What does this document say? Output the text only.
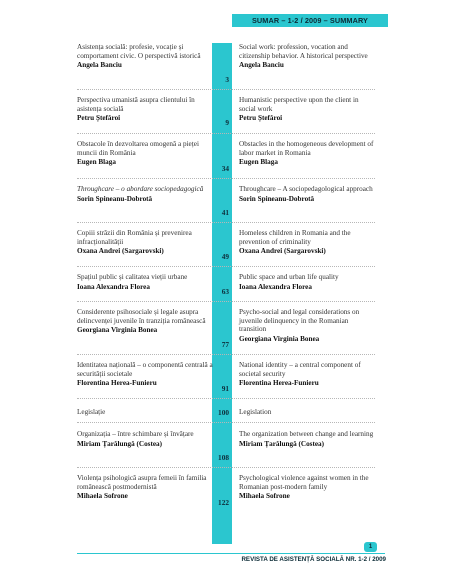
SUMAR – 1-2 / 2009 – SUMMARY
Asistența socială: profesie, vocație și comportament civic. O perspectivă istorică
Angela Banciu
Social work: profession, vocation and citizenship behavior. A historical perspective
Angela Banciu
3
Perspectiva umanistă asupra clientului în asistența socială
Petru Ștefăroi
Humanistic perspective upon the client in social work
Petru Ștefăroi
9
Obstacole în dezvoltarea omogenă a pieței muncii din România
Eugen Blaga
Obstacles in the homogeneous development of labor market in Romania
Eugen Blaga
34
Throughcare – o abordare sociopedagogică
Sorin Spineanu-Dobrotă
Throughcare – A sociopedagological approach
Sorin Spineanu-Dobrotă
41
Copiii străzii din România și prevenirea infracționalității
Oxana Andrei (Sargarovski)
Homeless children in Romania and the prevention of criminality
Oxana Andrei (Sargarovski)
49
Spațiul public și calitatea vieții urbane
Ioana Alexandra Florea
Public space and urban life quality
Ioana Alexandra Florea
63
Considerente psihosociale și legale asupra delincvenței juvenile în tranziția românească
Georgiana Virginia Bonea
Psycho-social and legal considerations on juvenile delinquency in the Romanian transition
Georgiana Virginia Bonea
77
Identitatea națională – o componentă centrală a securității societale
Florentina Herea-Funieru
National identity – a central component of societal security
Florentina Herea-Funieru
91
Legislație	Legislation
100
Organizația – între schimbare și învățare
Miriam Țarălungă (Costea)
The organization between change and learning
Miriam Țarălungă (Costea)
108
Violența psihologică asupra femeii în familia românească postmodernistă
Mihaela Sofrone
Psychological violence against women in the Romanian post-modern family
Mihaela Sofrone
122
1
REVISTA DE ASISTENȚĂ SOCIALĂ NR. 1-2 / 2009
